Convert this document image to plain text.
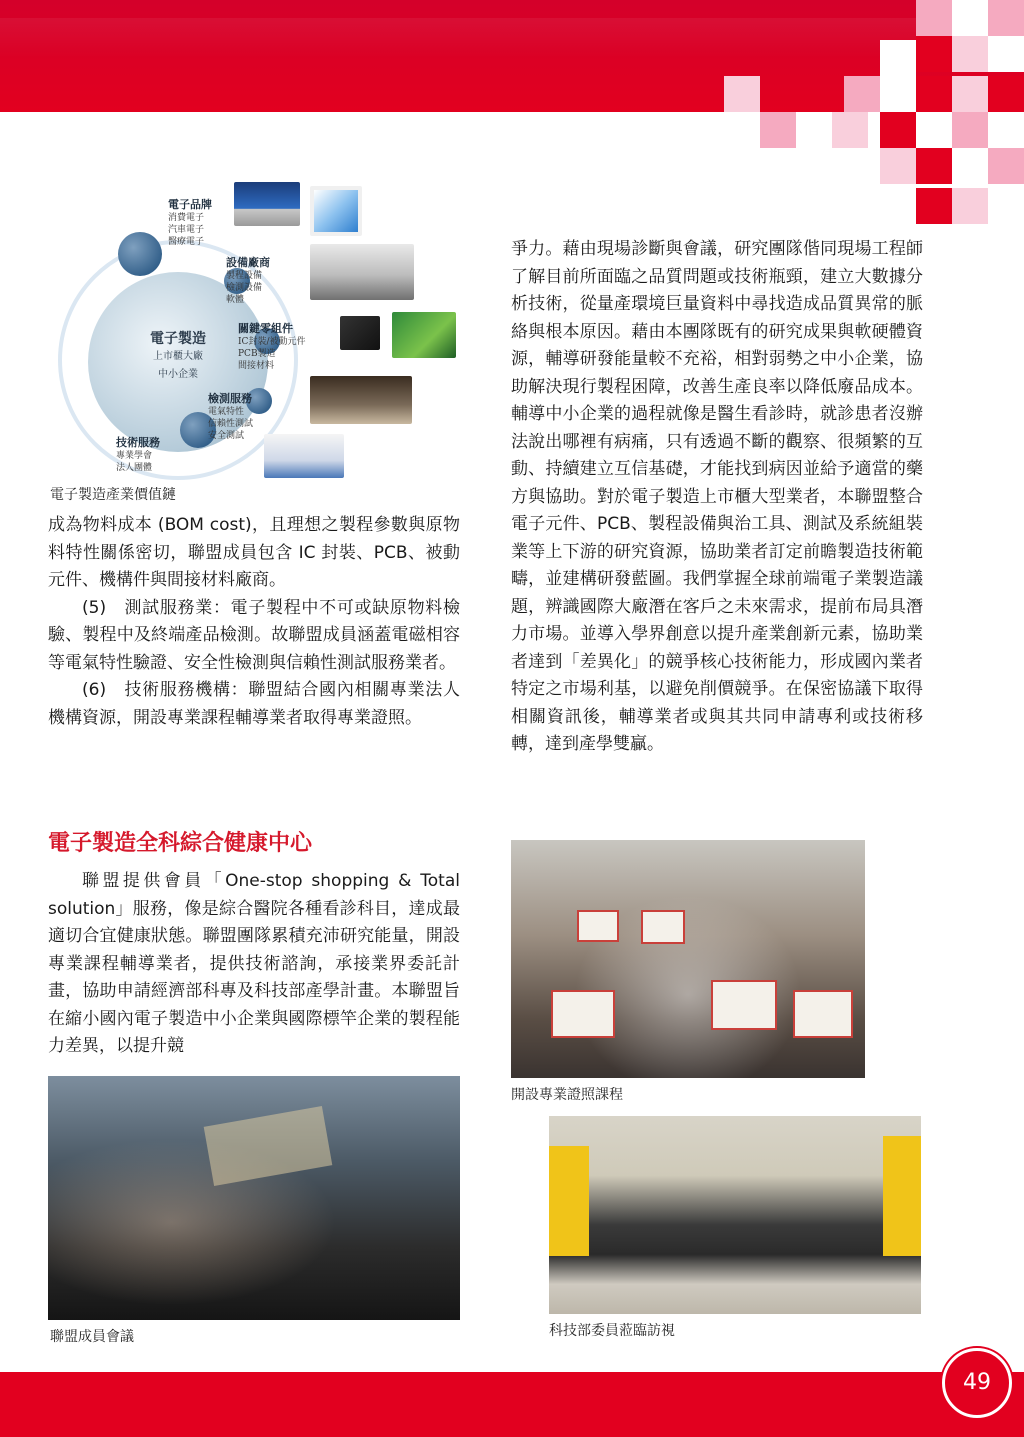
電子製造
上市櫃大廠
中小企業
電子品牌
消費電子
汽車電子
醫療電子
設備廠商
製程設備
檢測設備
軟體
關鍵零組件
IC封裝/被動元件
PCB製造
間接材料
檢測服務
電氣特性
信賴性測試
安全測試
技術服務
專業學會
法人團體
電子製造產業價值鏈

成為物料成本 (BOM cost)，且理想之製程參數與原物料特性關係密切，聯盟成員包含 IC 封裝、PCB、被動元件、機構件與間接材料廠商。

(5)　測試服務業：電子製程中不可或缺原物料檢驗、製程中及終端產品檢測。故聯盟成員涵蓋電磁相容等電氣特性驗證、安全性檢測與信賴性測試服務業者。

(6)　技術服務機構：聯盟結合國內相關專業法人機構資源，開設專業課程輔導業者取得專業證照。

電子製造全科綜合健康中心

聯盟提供會員「One-stop shopping & Total solution」服務，像是綜合醫院各種看診科目，達成最適切合宜健康狀態。聯盟團隊累積充沛研究能量，開設專業課程輔導業者，提供技術諮詢，承接業界委託計畫，協助申請經濟部科專及科技部產學計畫。本聯盟旨在縮小國內電子製造中小企業與國際標竿企業的製程能力差異，以提升競

聯盟成員會議

爭力。藉由現場診斷與會議，研究團隊偕同現場工程師了解目前所面臨之品質問題或技術瓶頸，建立大數據分析技術，從量產環境巨量資料中尋找造成品質異常的脈絡與根本原因。藉由本團隊既有的研究成果與軟硬體資源，輔導研發能量較不充裕，相對弱勢之中小企業，協助解決現行製程困障，改善生產良率以降低廢品成本。輔導中小企業的過程就像是醫生看診時，就診患者沒辦法說出哪裡有病痛，只有透過不斷的觀察、很頻繁的互動、持續建立互信基礎，才能找到病因並給予適當的藥方與協助。對於電子製造上市櫃大型業者，本聯盟整合電子元件、PCB、製程設備與治工具、測試及系統組裝業等上下游的研究資源，協助業者訂定前瞻製造技術範疇，並建構研發藍圖。我們掌握全球前端電子業製造議題，辨識國際大廠潛在客戶之未來需求，提前布局具潛力市場。並導入學界創意以提升產業創新元素，協助業者達到「差異化」的競爭核心技術能力，形成國內業者特定之市場利基，以避免削價競爭。在保密協議下取得相關資訊後，輔導業者或與其共同申請專利或技術移轉，達到產學雙贏。

開設專業證照課程
科技部委員蒞臨訪視
49
